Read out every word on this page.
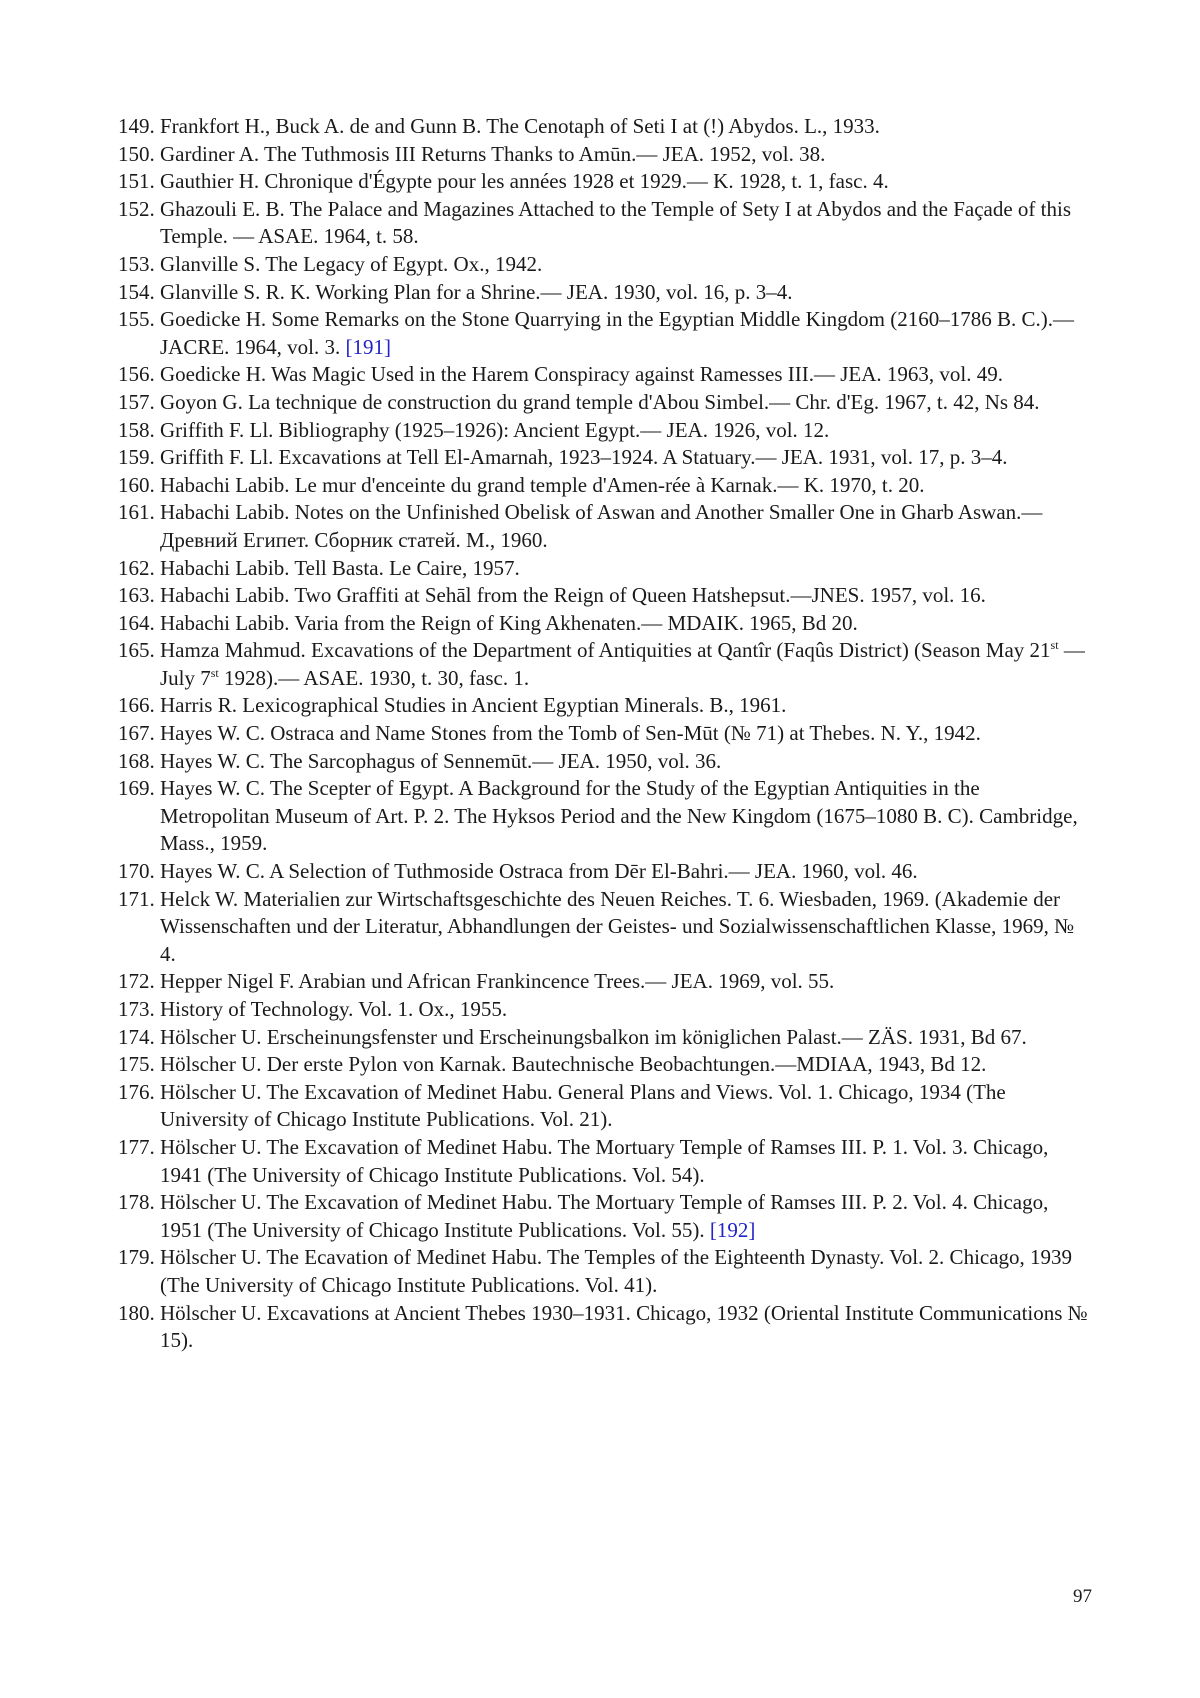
149. Frankfort H., Buck A. de and Gunn B. The Cenotaph of Seti I at (!) Abydos. L., 1933.
150. Gardiner A. The Tuthmosis III Returns Thanks to Amūn.— JEA. 1952, vol. 38.
151. Gauthier H. Chronique d'Égypte pour les années 1928 et 1929.— K. 1928, t. 1, fasc. 4.
152. Ghazouli E. B. The Palace and Magazines Attached to the Temple of Sety I at Abydos and the Façade of this Temple. — ASAE. 1964, t. 58.
153. Glanville S. The Legacy of Egypt. Ox., 1942.
154. Glanville S. R. K. Working Plan for a Shrine.— JEA. 1930, vol. 16, p. 3–4.
155. Goedicke H. Some Remarks on the Stone Quarrying in the Egyptian Middle Kingdom (2160–1786 B. C.).— JACRE. 1964, vol. 3. [191]
156. Goedicke H. Was Magic Used in the Harem Conspiracy against Ramesses III.— JEA. 1963, vol. 49.
157. Goyon G. La technique de construction du grand temple d'Abou Simbel.— Chr. d'Eg. 1967, t. 42, Ns 84.
158. Griffith F. Ll. Bibliography (1925–1926): Ancient Egypt.— JEA. 1926, vol. 12.
159. Griffith F. Ll. Excavations at Tell El-Amarnah, 1923–1924. A Statuary.— JEA. 1931, vol. 17, p. 3–4.
160. Habachi Labib. Le mur d'enceinte du grand temple d'Amen-rée à Karnak.— K. 1970, t. 20.
161. Habachi Labib. Notes on the Unfinished Obelisk of Aswan and Another Smaller One in Gharb Aswan.— Древний Египет. Сборник статей. М., 1960.
162. Habachi Labib. Tell Basta. Le Caire, 1957.
163. Habachi Labib. Two Graffiti at Sehāl from the Reign of Queen Hatshepsut.—JNES. 1957, vol. 16.
164. Habachi Labib. Varia from the Reign of King Akhenaten.— MDAIK. 1965, Bd 20.
165. Hamza Mahmud. Excavations of the Department of Antiquities at Qantîr (Faqûs District) (Season May 21st — July 7st 1928).— ASAE. 1930, t. 30, fasc. 1.
166. Harris R. Lexicographical Studies in Ancient Egyptian Minerals. B., 1961.
167. Hayes W. C. Ostraca and Name Stones from the Tomb of Sen-Mūt (№ 71) at Thebes. N. Y., 1942.
168. Hayes W. C. The Sarcophagus of Sennemūt.— JEA. 1950, vol. 36.
169. Hayes W. C. The Scepter of Egypt. A Background for the Study of the Egyptian Antiquities in the Metropolitan Museum of Art. P. 2. The Hyksos Period and the New Kingdom (1675–1080 B. C). Cambridge, Mass., 1959.
170. Hayes W. C. A Selection of Tuthmoside Ostraca from Dēr El-Bahri.— JEA. 1960, vol. 46.
171. Helck W. Materialien zur Wirtschaftsgeschichte des Neuen Reiches. T. 6. Wiesbaden, 1969. (Akademie der Wissenschaften und der Literatur, Abhandlungen der Geistes- und Sozialwissenschaftlichen Klasse, 1969, № 4.
172. Hepper Nigel F. Arabian und African Frankincence Trees.— JEA. 1969, vol. 55.
173. History of Technology. Vol. 1. Ox., 1955.
174. Hölscher U. Erscheinungsfenster und Erscheinungsbalkon im königlichen Palast.— ZÄS. 1931, Bd 67.
175. Hölscher U. Der erste Pylon von Karnak. Bautechnische Beobachtungen.—MDIAA, 1943, Bd 12.
176. Hölscher U. The Excavation of Medinet Habu. General Plans and Views. Vol. 1. Chicago, 1934 (The University of Chicago Institute Publications. Vol. 21).
177. Hölscher U. The Excavation of Medinet Habu. The Mortuary Temple of Ramses III. P. 1. Vol. 3. Chicago, 1941 (The University of Chicago Institute Publications. Vol. 54).
178. Hölscher U. The Excavation of Medinet Habu. The Mortuary Temple of Ramses III. P. 2. Vol. 4. Chicago, 1951 (The University of Chicago Institute Publications. Vol. 55). [192]
179. Hölscher U. The Ecavation of Medinet Habu. The Temples of the Eighteenth Dynasty. Vol. 2. Chicago, 1939 (The University of Chicago Institute Publications. Vol. 41).
180. Hölscher U. Excavations at Ancient Thebes 1930–1931. Chicago, 1932 (Oriental Institute Communications № 15).
97
